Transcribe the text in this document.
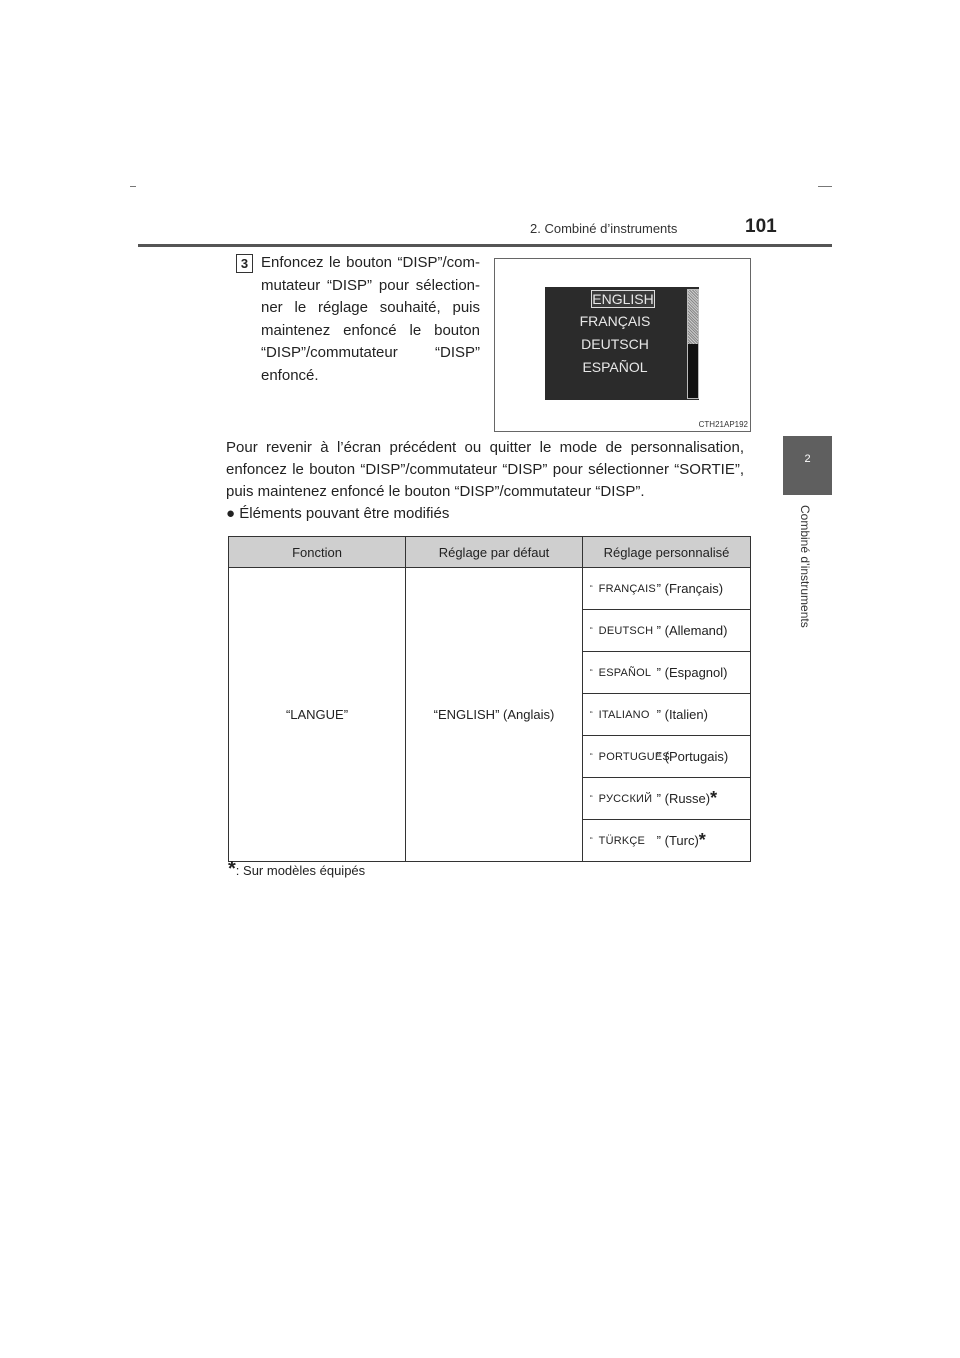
2. Combiné d’instruments	101
2
Combiné d’instruments
3 Enfoncez le bouton “DISP”/com-mutateur “DISP” pour sélection-ner le réglage souhaité, puis maintenez enfoncé le bouton “DISP”/commutateur “DISP” enfoncé.
ENGLISH
FRANÇAIS
DEUTSCH
ESPAÑOL
CTH21AP192
Pour revenir à l’écran précédent ou quitter le mode de personnalisation, enfoncez le bouton “DISP”/commutateur “DISP” pour sélectionner “SORTIE”, puis maintenez enfoncé le bouton “DISP”/commutateur “DISP”.
● Éléments pouvant être modifiés
Fonction	Réglage par défaut	Réglage personnalisé
“LANGUE”	“ENGLISH” (Anglais)	“ FRANÇAIS ” (Français)

		“ DEUTSCH ” (Allemand)

		“ ESPAÑOL ” (Espagnol)

		“ ITALIANO ” (Italien)

		“ PORTUGUES
” (Portugais)

		“ РУССКИЙ ” (Russe) *

		“ TÜRKÇE ” (Turc) *
*: Sur modèles équipés
